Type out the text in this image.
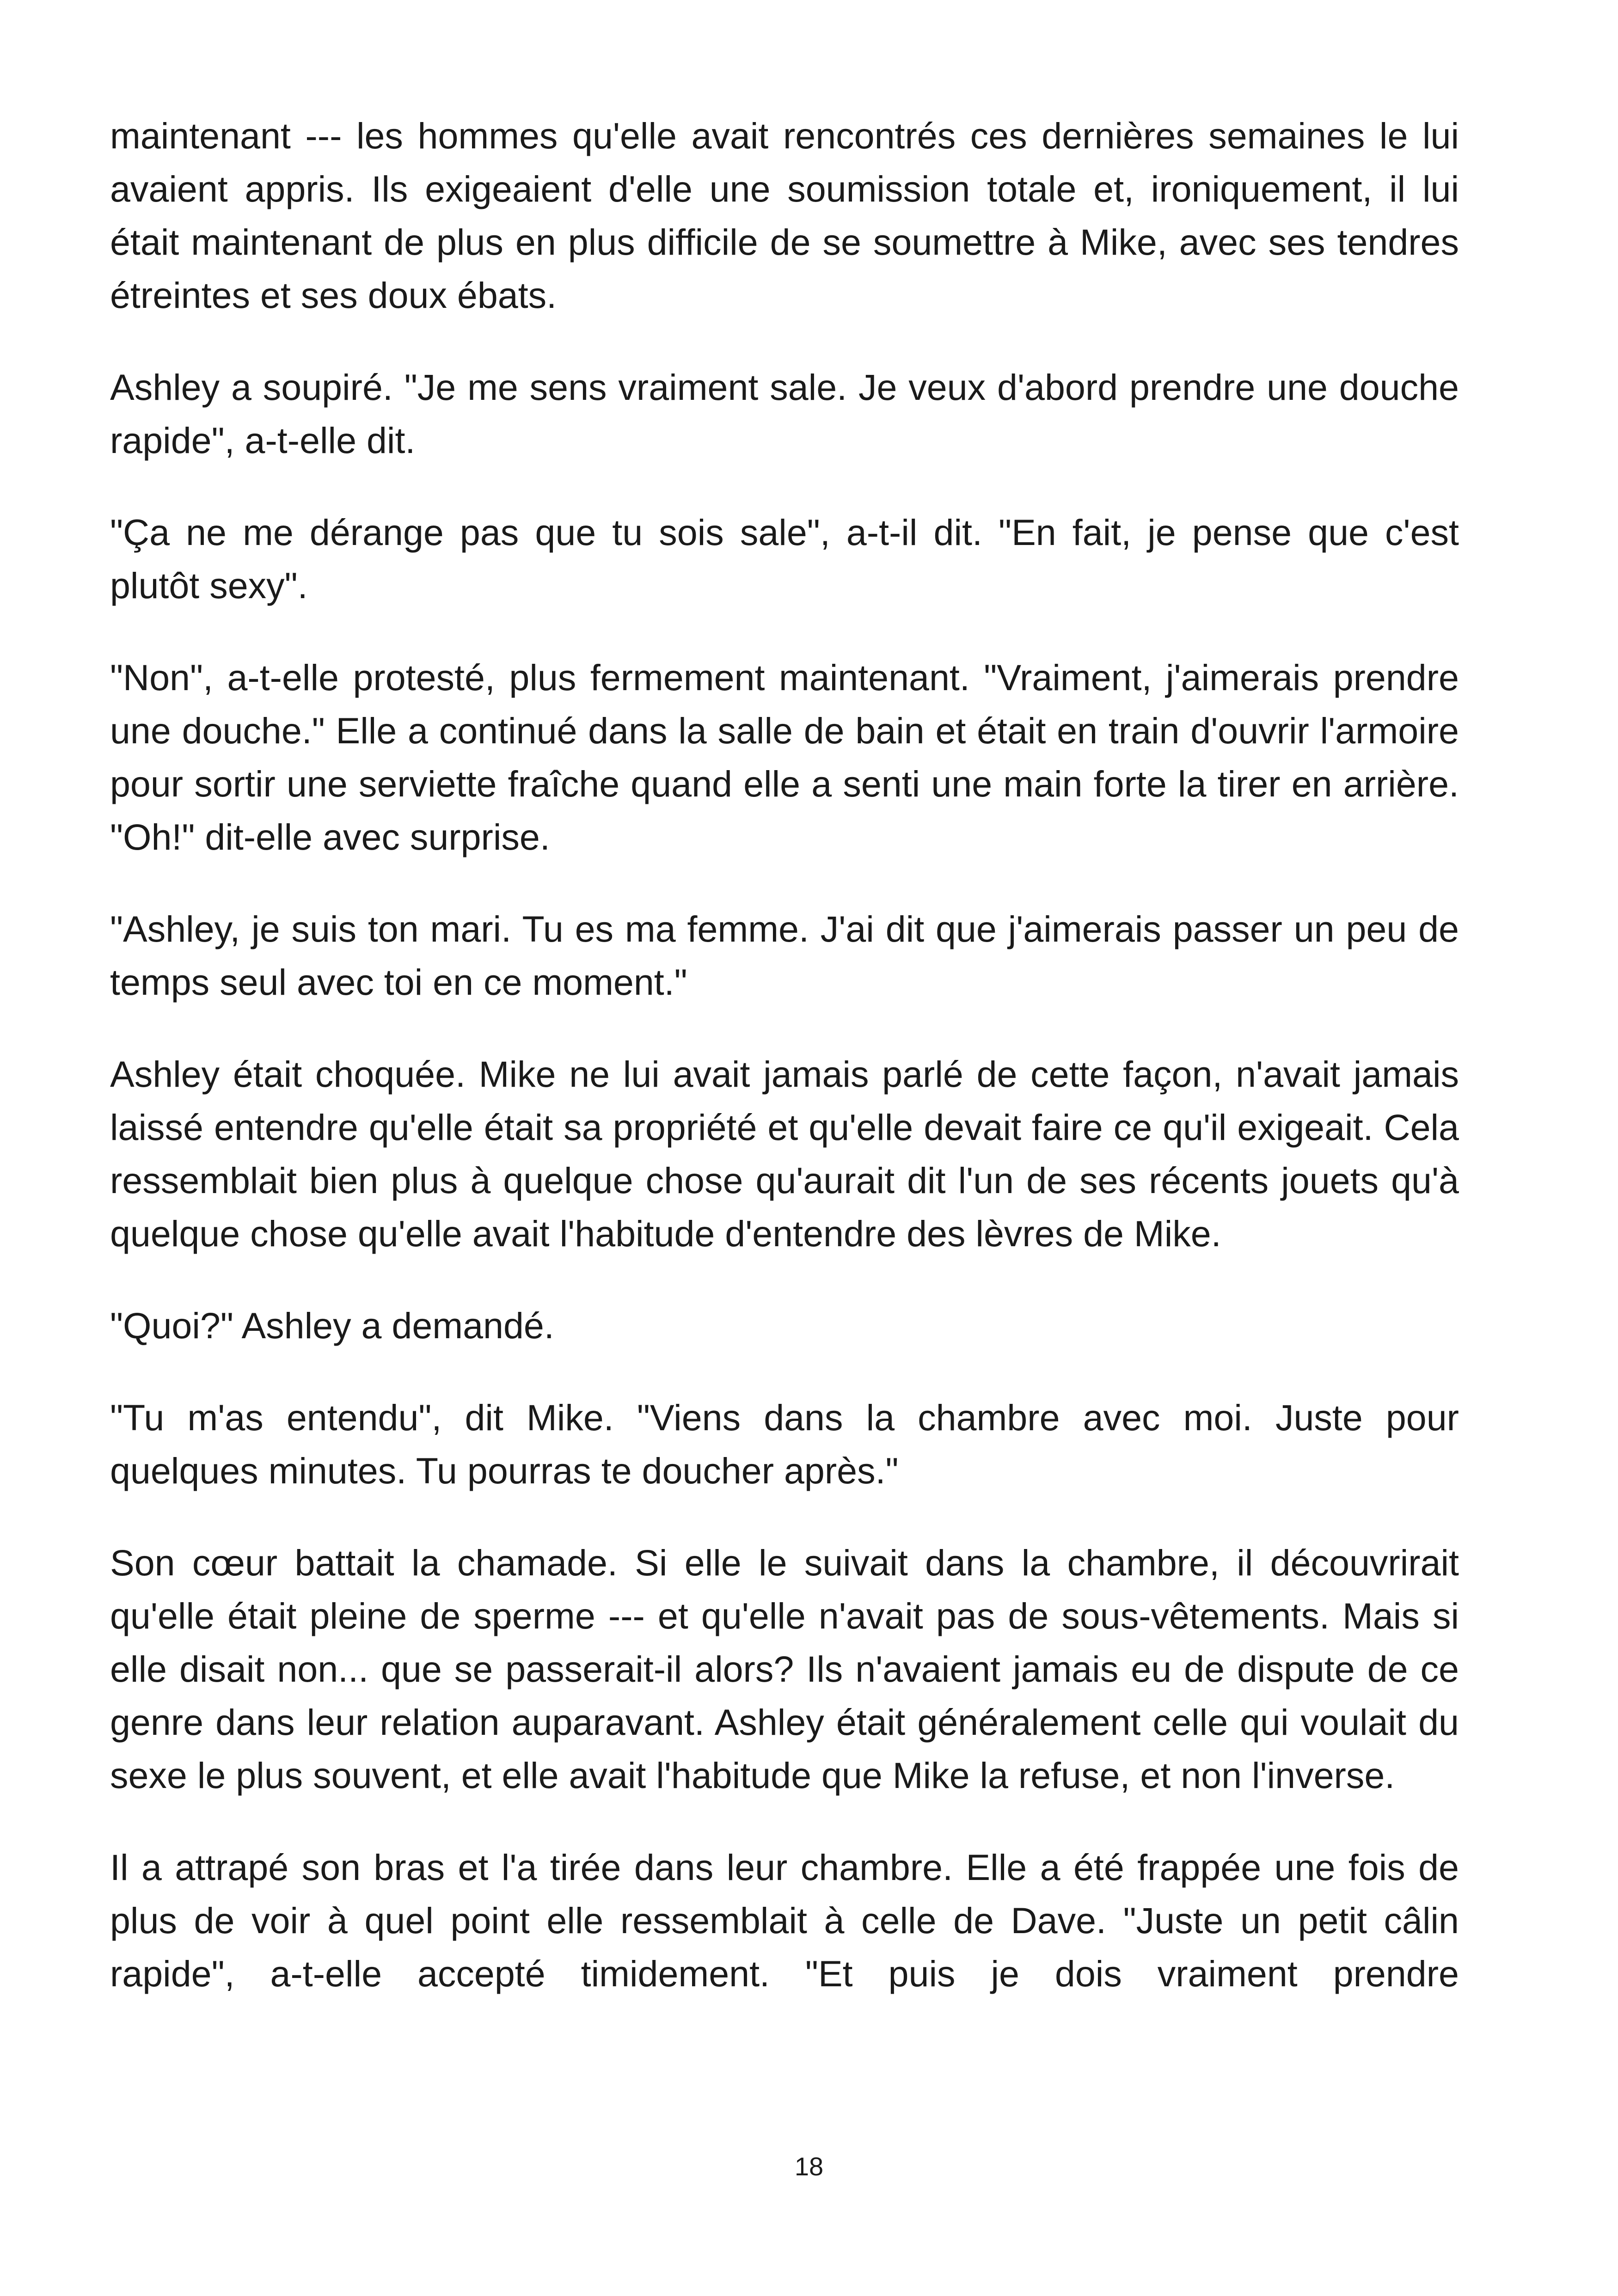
maintenant --- les hommes qu'elle avait rencontrés ces dernières semaines le lui avaient appris. Ils exigeaient d'elle une soumission totale et, ironiquement, il lui était maintenant de plus en plus difficile de se soumettre à Mike, avec ses tendres étreintes et ses doux ébats.

Ashley a soupiré. "Je me sens vraiment sale. Je veux d'abord prendre une douche rapide", a-t-elle dit.

"Ça ne me dérange pas que tu sois sale", a-t-il dit. "En fait, je pense que c'est plutôt sexy".

"Non", a-t-elle protesté, plus fermement maintenant. "Vraiment, j'aimerais prendre une douche." Elle a continué dans la salle de bain et était en train d'ouvrir l'armoire pour sortir une serviette fraîche quand elle a senti une main forte la tirer en arrière. "Oh!" dit-elle avec surprise.

"Ashley, je suis ton mari. Tu es ma femme. J'ai dit que j'aimerais passer un peu de temps seul avec toi en ce moment."

Ashley était choquée. Mike ne lui avait jamais parlé de cette façon, n'avait jamais laissé entendre qu'elle était sa propriété et qu'elle devait faire ce qu'il exigeait. Cela ressemblait bien plus à quelque chose qu'aurait dit l'un de ses récents jouets qu'à quelque chose qu'elle avait l'habitude d'entendre des lèvres de Mike.

"Quoi?" Ashley a demandé.

"Tu m'as entendu", dit Mike. "Viens dans la chambre avec moi. Juste pour quelques minutes. Tu pourras te doucher après."

Son cœur battait la chamade. Si elle le suivait dans la chambre, il découvrirait qu'elle était pleine de sperme --- et qu'elle n'avait pas de sous-vêtements. Mais si elle disait non... que se passerait-il alors? Ils n'avaient jamais eu de dispute de ce genre dans leur relation auparavant. Ashley était généralement celle qui voulait du sexe le plus souvent, et elle avait l'habitude que Mike la refuse, et non l'inverse.

Il a attrapé son bras et l'a tirée dans leur chambre. Elle a été frappée une fois de plus de voir à quel point elle ressemblait à celle de Dave. "Juste un petit câlin rapide", a-t-elle accepté timidement. "Et puis je dois vraiment prendre

18
